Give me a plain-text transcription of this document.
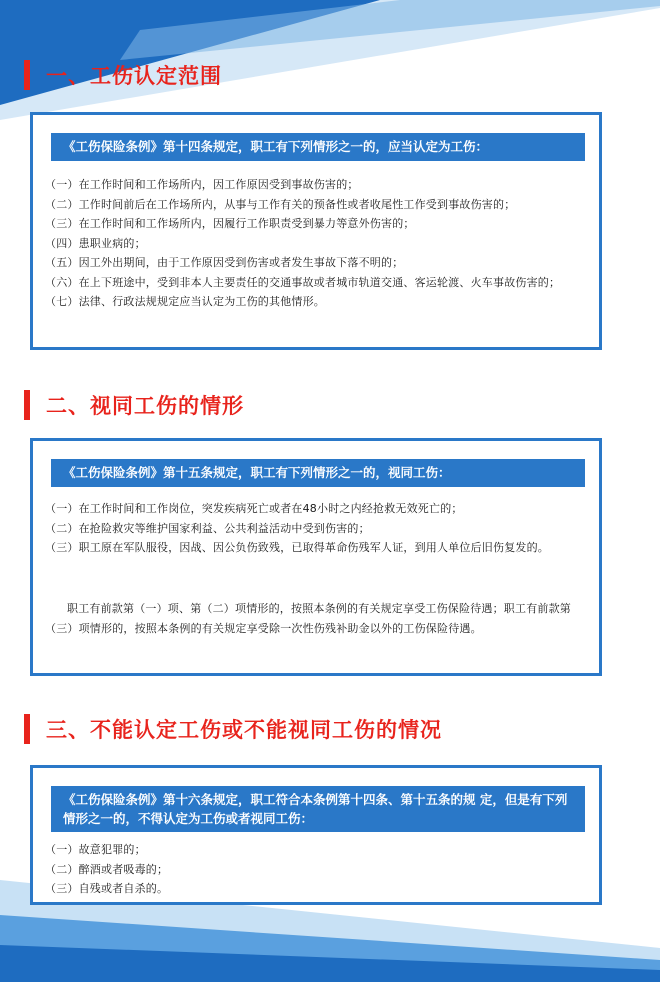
一、工伤认定范围
《工伤保险条例》第十四条规定，职工有下列情形之一的，应当认定为工伤：
（一）在工作时间和工作场所内，因工作原因受到事故伤害的；
（二）工作时间前后在工作场所内，从事与工作有关的预备性或者收尾性工作受到事故伤害的；
（三）在工作时间和工作场所内，因履行工作职责受到暴力等意外伤害的；
（四）患职业病的；
（五）因工外出期间，由于工作原因受到伤害或者发生事故下落不明的；
（六）在上下班途中，受到非本人主要责任的交通事故或者城市轨道交通、客运轮渡、火车事故伤害的；
（七）法律、行政法规规定应当认定为工伤的其他情形。
二、视同工伤的情形
《工伤保险条例》第十五条规定，职工有下列情形之一的，视同工伤：
（一）在工作时间和工作岗位，突发疾病死亡或者在48小时之内经抢救无效死亡的；
（二）在抢险救灾等维护国家利益、公共利益活动中受到伤害的；
（三）职工原在军队服役，因战、因公负伤致残，已取得革命伤残军人证，到用人单位后旧伤复发的。
职工有前款第（一）项、第（二）项情形的，按照本条例的有关规定享受工伤保险待遇；职工有前款第（三）项情形的，按照本条例的有关规定享受除一次性伤残补助金以外的工伤保险待遇。
三、不能认定工伤或不能视同工伤的情况
《工伤保险条例》第十六条规定，职工符合本条例第十四条、第十五条的规 定，但是有下列情形之一的，不得认定为工伤或者视同工伤：
（一）故意犯罪的；
（二）醉酒或者吸毒的；
（三）自残或者自杀的。
